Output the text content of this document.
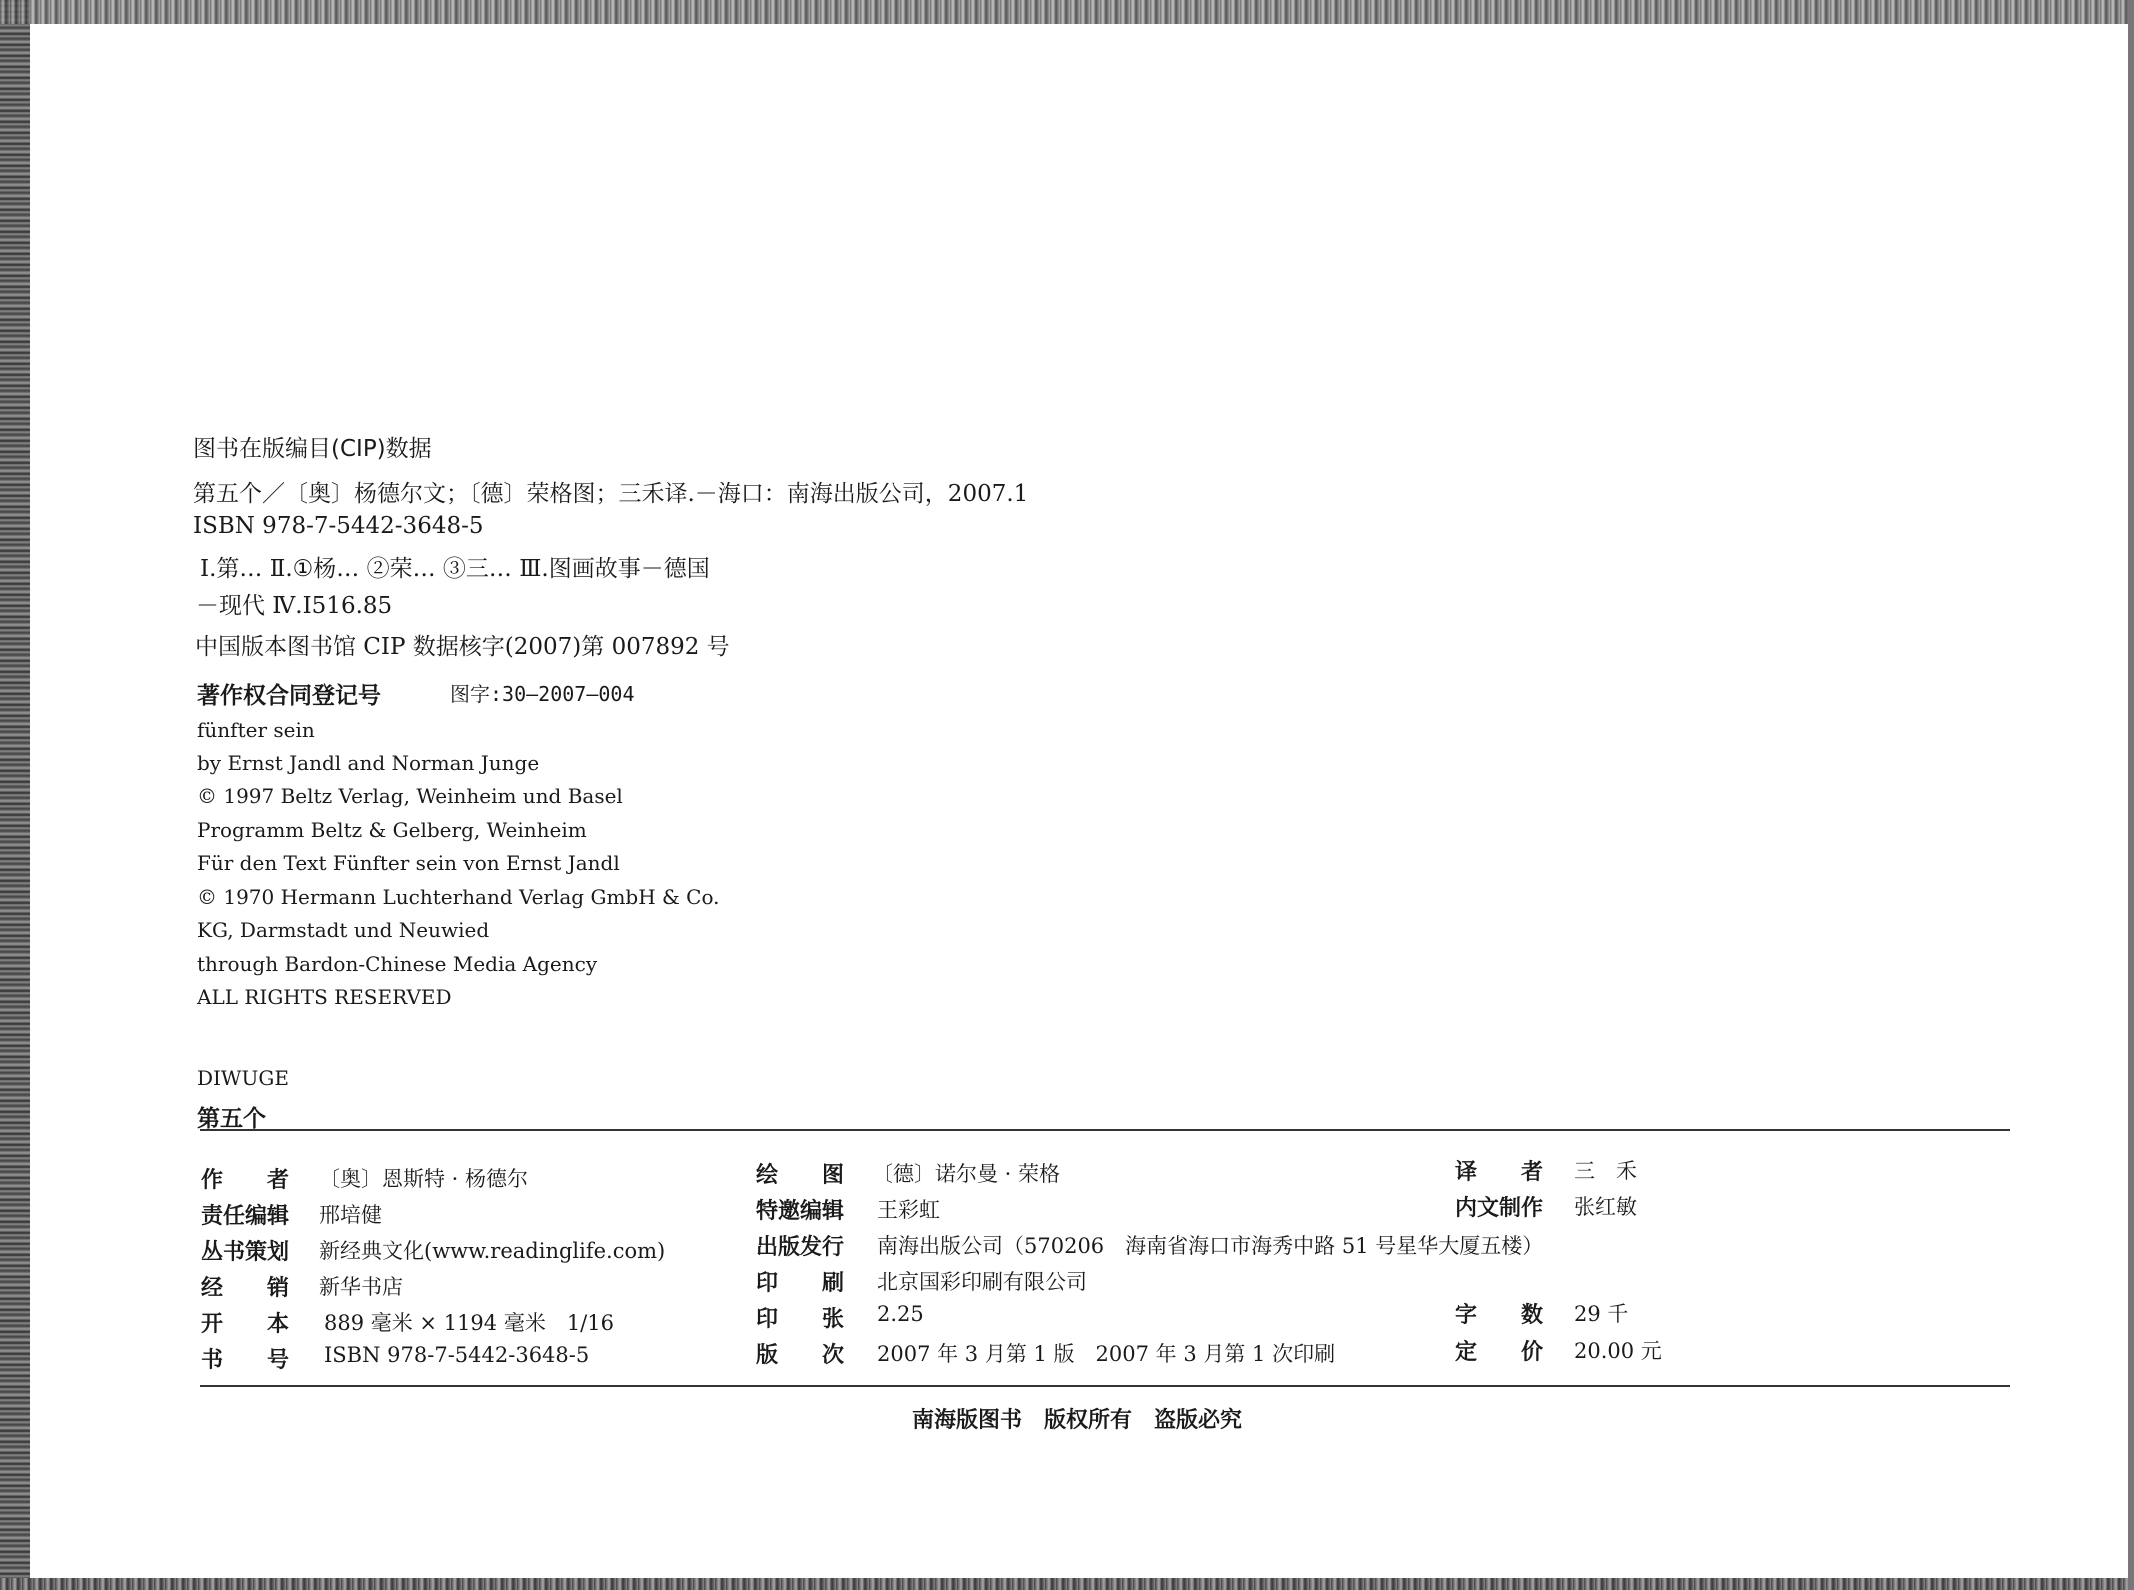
图书在版编目(CIP)数据
第五个／〔奥〕杨德尔文；〔德〕荣格图；三禾译.－海口：南海出版公司，2007.1
ISBN 978-7-5442-3648-5
Ⅰ.第… Ⅱ.①杨… ②荣… ③三… Ⅲ.图画故事－德国
－现代 Ⅳ.I516.85
中国版本图书馆 CIP 数据核字(2007)第 007892 号
著作权合同登记号	图字:30—2007—004
fünfter sein
by Ernst Jandl and Norman Junge
© 1997 Beltz Verlag, Weinheim und Basel
Programm Beltz & Gelberg, Weinheim
Für den Text Fünfter sein von Ernst Jandl
© 1970 Hermann Luchterhand Verlag GmbH & Co.
KG, Darmstadt und Neuwied
through Bardon-Chinese Media Agency
ALL RIGHTS RESERVED
DIWUGE
第五个
作　　者 〔奥〕恩斯特 · 杨德尔
责任编辑 邢培健
丛书策划 新经典文化(www.readinglife.com)
经　　销 新华书店
开　　本 889 毫米 × 1194 毫米　1/16
书　　号 ISBN 978-7-5442-3648-5
绘　　图 〔德〕诺尔曼 · 荣格
特邀编辑 王彩虹
出版发行 南海出版公司（570206　海南省海口市海秀中路 51 号星华大厦五楼）
印　　刷 北京国彩印刷有限公司
印　　张 2.25
版　　次 2007 年 3 月第 1 版　2007 年 3 月第 1 次印刷
译　　者 三　禾
内文制作 张红敏
字　　数 29 千
定　　价 20.00 元
南海版图书　版权所有　盗版必究
